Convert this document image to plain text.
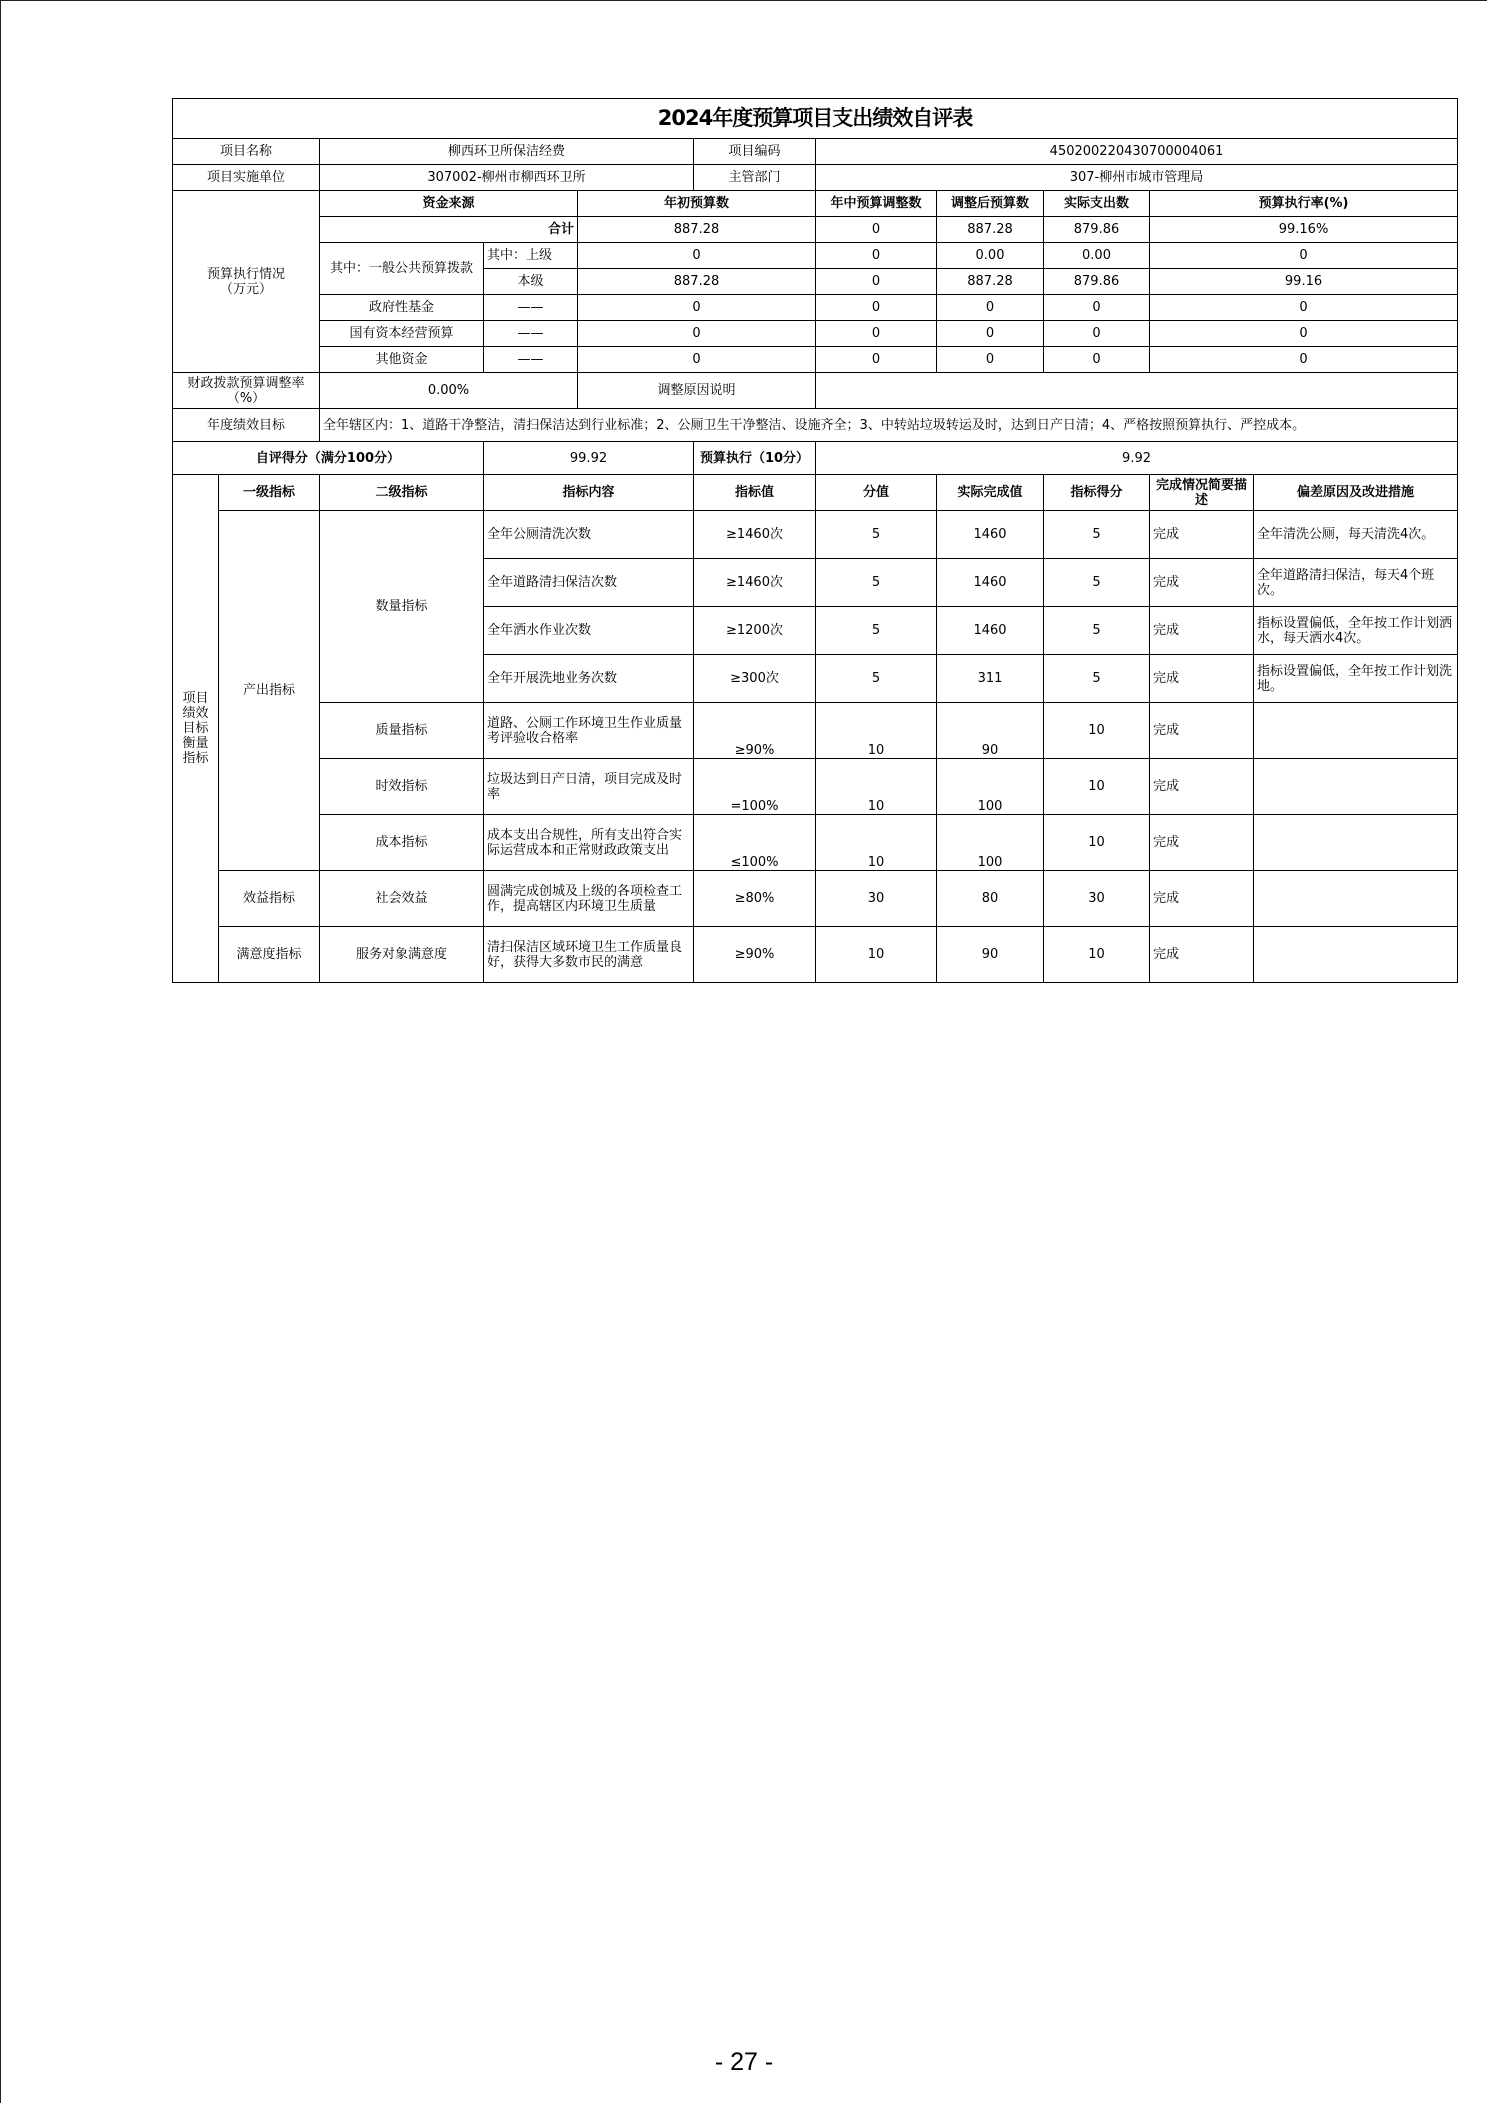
2024年度预算项目支出绩效自评表										
项目名称		柳西环卫所保洁经费			项目编码	450200220430700004061				
项目实施单位		307002-柳州市柳西环卫所			主管部门	307-柳州市城市管理局				
预算执行情况
（万元）		资金来源		年初预算数		年中预算调整数	调整后预算数	实际支出数	预算执行率(%)	
		合计		887.28		0	887.28	879.86	99.16%	
		其中：一般公共预算拨款	其中：上级	0		0	0.00	0.00	0	
			本级	887.28		0	887.28	879.86	99.16	
		政府性基金	——	0		0	0	0	0	
		国有资本经营预算	——	0		0	0	0	0	
		其他资金	——	0		0	0	0	0	
财政拨款预算调整率（%）		0.00%		调整原因说明						
年度绩效目标		全年辖区内：1、道路干净整洁，清扫保洁达到行业标准；2、公厕卫生干净整洁、设施齐全；3、中转站垃圾转运及时，达到日产日清；4、严格按照预算执行、严控成本。								
自评得分（满分100分）			99.92		预算执行（10分）	9.92				
项目
绩效
目标
衡量
指标	一级指标	二级指标	指标内容		指标值	分值	实际完成值	指标得分	完成情况简要描述	偏差原因及改进措施
	产出指标	数量指标	全年公厕清洗次数		≥1460次	5	1460	5	完成	全年清洗公厕，每天清洗4次。
			全年道路清扫保洁次数		≥1460次	5	1460	5	完成	全年道路清扫保洁，每天4个班次。
			全年洒水作业次数		≥1200次	5	1460	5	完成	指标设置偏低，全年按工作计划洒水，每天洒水4次。
			全年开展洗地业务次数		≥300次	5	311	5	完成	指标设置偏低，全年按工作计划洗地。
		质量指标	道路、公厕工作环境卫生作业质量考评验收合格率		≥90%	10	90	10	完成	
		时效指标	垃圾达到日产日清，项目完成及时率		=100%	10	100	10	完成	
		成本指标	成本支出合规性，所有支出符合实际运营成本和正常财政政策支出		≤100%	10	100	10	完成	
	效益指标	社会效益	圆满完成创城及上级的各项检查工作，提高辖区内环境卫生质量		≥80%	30	80	30	完成	
	满意度指标	服务对象满意度	清扫保洁区域环境卫生工作质量良好，获得大多数市民的满意		≥90%	10	90	10	完成	
- 27 -
